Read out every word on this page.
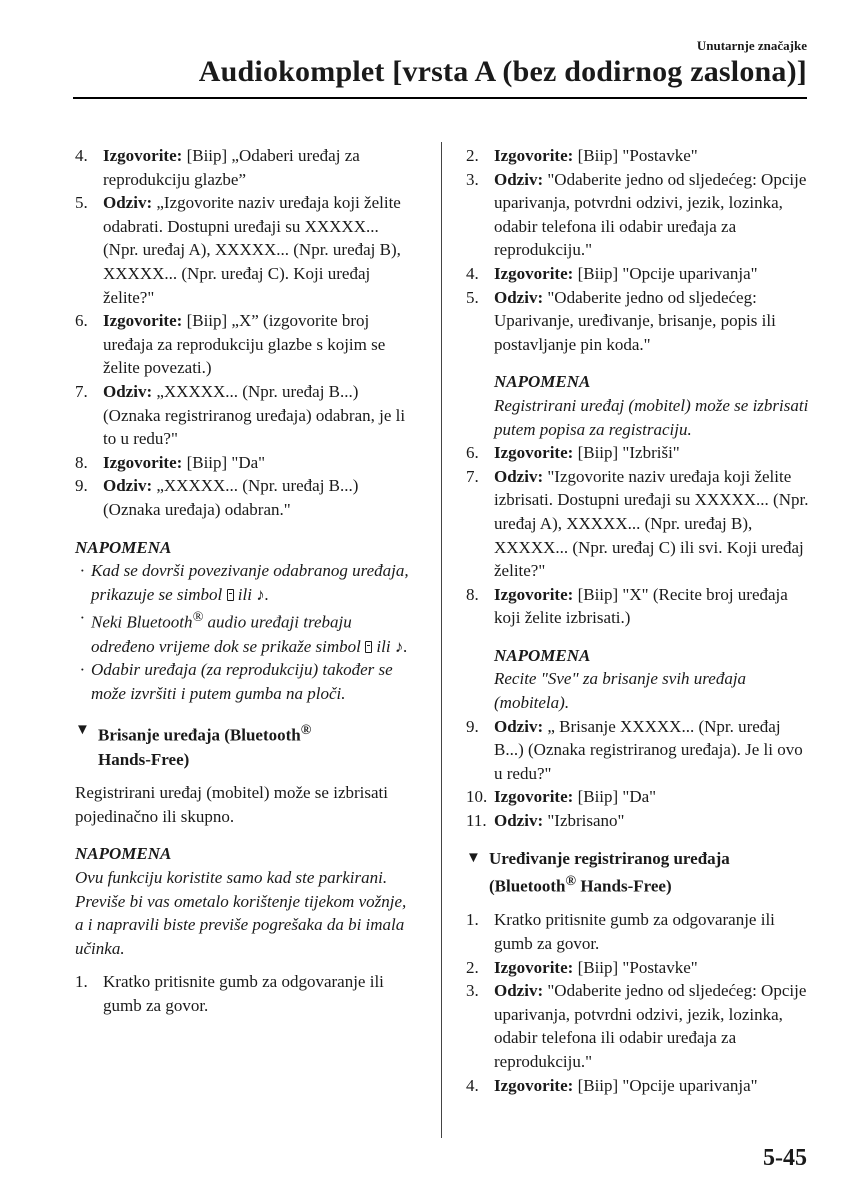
Unutarnje značajke
Audiokomplet [vrsta A (bez dodirnog zaslona)]
4. Izgovorite: [Biip] „Odaberi uređaj za reprodukciju glazbe”
5. Odziv: „Izgovorite naziv uređaja koji želite odabrati. Dostupni uređaji su XXXXX... (Npr. uređaj A), XXXXX... (Npr. uređaj B), XXXXX... (Npr. uređaj C). Koji uređaj želite?"
6. Izgovorite: [Biip] „X” (izgovorite broj uređaja za reprodukciju glazbe s kojim se želite povezati.)
7. Odziv: „XXXXX... (Npr. uređaj B...) (Oznaka registriranog uređaja) odabran, je li to u redu?"
8. Izgovorite: [Biip] "Da"
9. Odziv: „XXXXX... (Npr. uređaj B...) (Oznaka uređaja) odabran."
NAPOMENA
· Kad se dovrši povezivanje odabranog uređaja, prikazuje se simbol  ili ♪.
· Neki Bluetooth® audio uređaji trebaju određeno vrijeme dok se prikaže simbol  ili ♪.
· Odabir uređaja (za reprodukciju) također se može izvršiti i putem gumba na ploči.
▼ Brisanje uređaja (Bluetooth®
Hands-Free)
Registrirani uređaj (mobitel) može se izbrisati pojedinačno ili skupno.
NAPOMENA
Ovu funkciju koristite samo kad ste parkirani. Previše bi vas ometalo korištenje tijekom vožnje, a i napravili biste previše pogrešaka da bi imala učinka.
1. Kratko pritisnite gumb za odgovaranje ili gumb za govor.
2. Izgovorite: [Biip] "Postavke"
3. Odziv: "Odaberite jedno od sljedećeg: Opcije uparivanja, potvrdni odzivi, jezik, lozinka, odabir telefona ili odabir uređaja za reprodukciju."
4. Izgovorite: [Biip] "Opcije uparivanja"
5. Odziv: "Odaberite jedno od sljedećeg: Uparivanje, uređivanje, brisanje, popis ili postavljanje pin koda."
NAPOMENA
Registrirani uređaj (mobitel) može se izbrisati putem popisa za registraciju.
6. Izgovorite: [Biip] "Izbriši"
7. Odziv: "Izgovorite naziv uređaja koji želite izbrisati. Dostupni uređaji su XXXXX... (Npr. uređaj A), XXXXX... (Npr. uređaj B), XXXXX... (Npr. uređaj C) ili svi. Koji uređaj želite?"
8. Izgovorite: [Biip] "X" (Recite broj uređaja koji želite izbrisati.)
NAPOMENA
Recite "Sve" za brisanje svih uređaja (mobitela).
9. Odziv: „ Brisanje XXXXX... (Npr. uređaj B...) (Oznaka registriranog uređaja). Je li ovo u redu?"
10. Izgovorite: [Biip] "Da"
11. Odziv: "Izbrisano"
▼ Uređivanje registriranog uređaja
(Bluetooth® Hands-Free)
1. Kratko pritisnite gumb za odgovaranje ili gumb za govor.
2. Izgovorite: [Biip] "Postavke"
3. Odziv: "Odaberite jedno od sljedećeg: Opcije uparivanja, potvrdni odzivi, jezik, lozinka, odabir telefona ili odabir uređaja za reprodukciju."
4. Izgovorite: [Biip] "Opcije uparivanja"
5-45
